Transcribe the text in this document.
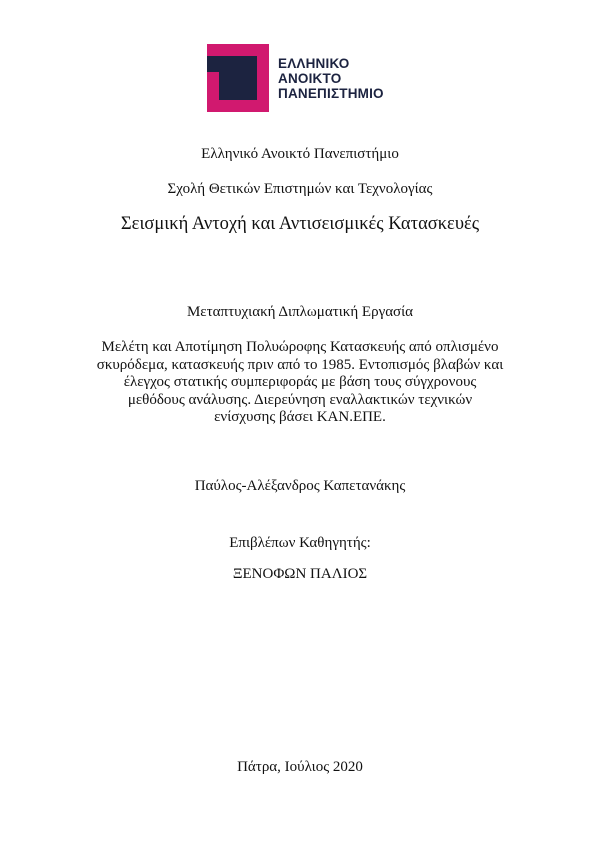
ΕΛΛΗΝΙΚΟ
ΑΝΟΙΚΤΟ
ΠΑΝΕΠΙΣΤΗΜΙΟ
Ελληνικό Ανοικτό Πανεπιστήμιο
Σχολή Θετικών Επιστημών και Τεχνολογίας
Σεισμική Αντοχή και Αντισεισμικές Κατασκευές
Μεταπτυχιακή Διπλωματική Εργασία
Μελέτη και Αποτίμηση Πολυώροφης Κατασκευής από οπλισμένο
σκυρόδεμα, κατασκευής πριν από το 1985. Εντοπισμός βλαβών και
έλεγχος στατικής συμπεριφοράς με βάση τους σύγχρονους
μεθόδους ανάλυσης. Διερεύνηση εναλλακτικών τεχνικών
ενίσχυσης βάσει ΚΑΝ.ΕΠΕ.
Παύλος-Αλέξανδρος Καπετανάκης
Επιβλέπων Καθηγητής:
ΞΕΝΟΦΩΝ ΠΑΛΙΟΣ
Πάτρα, Ιούλιος 2020
